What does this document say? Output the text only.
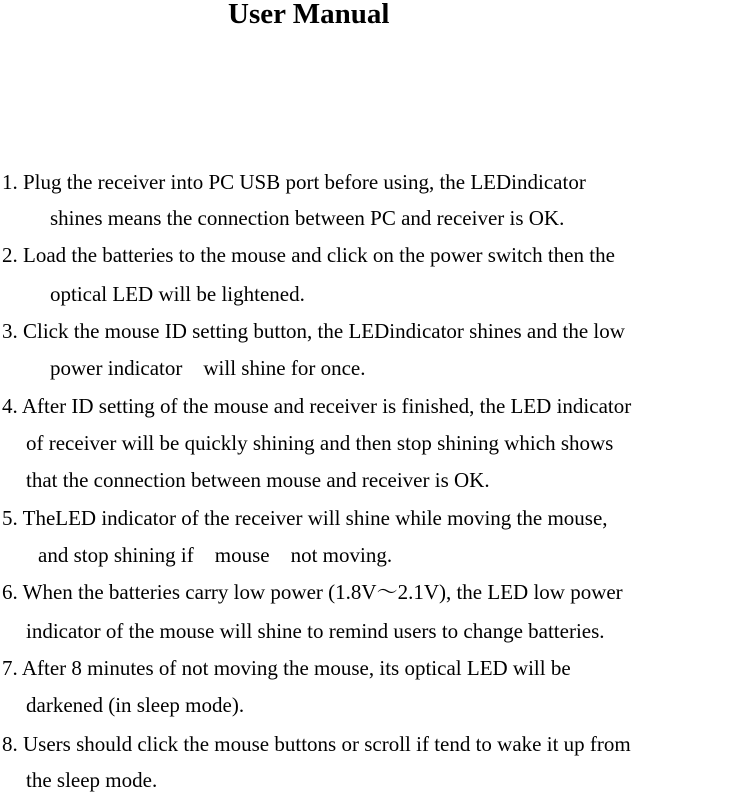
User Manual
1. Plug the receiver into PC USB port before using, the LEDindicator
shines means the connection between PC and receiver is OK.
2. Load the batteries to the mouse and click on the power switch then the
optical LED will be lightened.
3. Click the mouse ID setting button, the LEDindicator shines and the low
power indicator    will shine for once.
4. After ID setting of the mouse and receiver is finished, the LED indicator
of receiver will be quickly shining and then stop shining which shows
that the connection between mouse and receiver is OK.
5. TheLED indicator of the receiver will shine while moving the mouse,
and stop shining if    mouse    not moving.
6. When the batteries carry low power (1.8V～2.1V), the LED low power
indicator of the mouse will shine to remind users to change batteries.
7. After 8 minutes of not moving the mouse, its optical LED will be
darkened (in sleep mode).
8. Users should click the mouse buttons or scroll if tend to wake it up from
the sleep mode.
